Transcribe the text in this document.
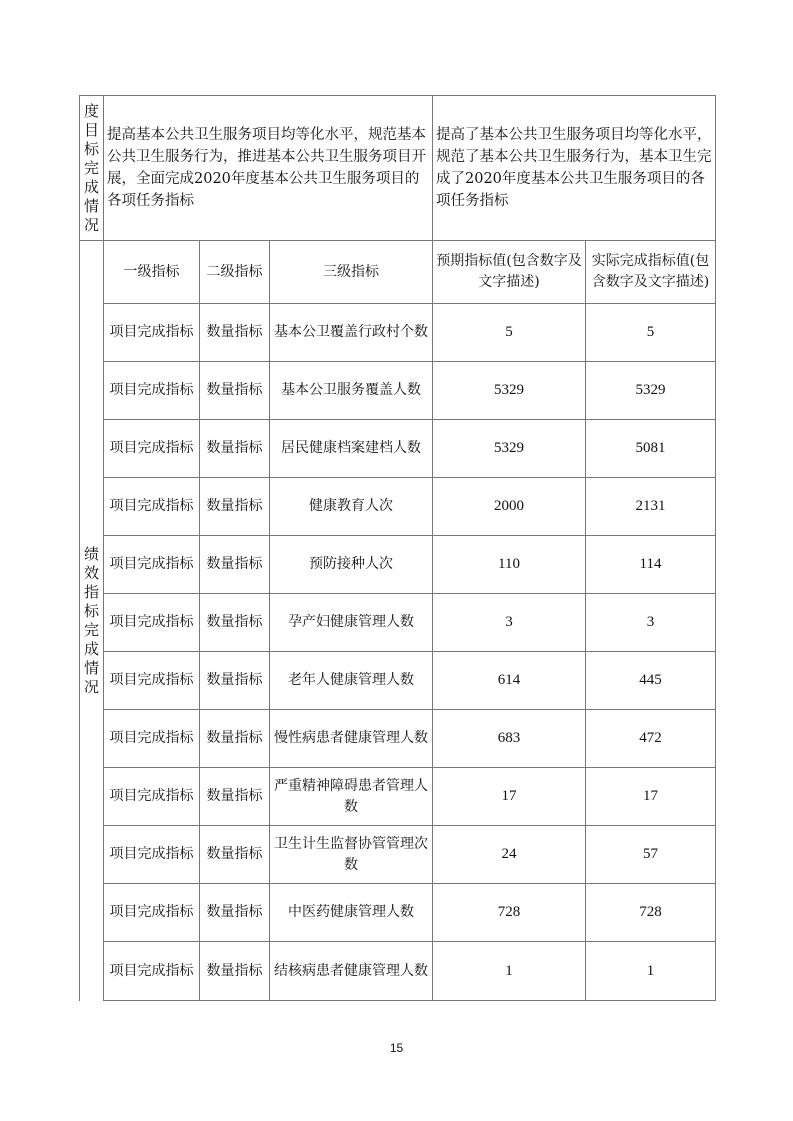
度目标完成情况	提高基本公共卫生服务项目均等化水平，规范基本公共卫生服务行为，推进基本公共卫生服务项目开展，全面完成2020年度基本公共卫生服务项目的各项任务指标			提高了基本公共卫生服务项目均等化水平，规范了基本公共卫生服务行为，基本卫生完成了2020年度基本公共卫生服务项目的各项任务指标	
绩效指标完成情况	一级指标	二级指标	三级指标	预期指标值(包含数字及文字描述)	实际完成指标值(包含数字及文字描述)
	项目完成指标	数量指标	基本公卫覆盖行政村个数	5	5
	项目完成指标	数量指标	基本公卫服务覆盖人数	5329	5329
	项目完成指标	数量指标	居民健康档案建档人数	5329	5081
	项目完成指标	数量指标	健康教育人次	2000	2131
	项目完成指标	数量指标	预防接种人次	110	114
	项目完成指标	数量指标	孕产妇健康管理人数	3	3
	项目完成指标	数量指标	老年人健康管理人数	614	445
	项目完成指标	数量指标	慢性病患者健康管理人数	683	472
	项目完成指标	数量指标	严重精神障碍患者管理人数	17	17
	项目完成指标	数量指标	卫生计生监督协管管理次数	24	57
	项目完成指标	数量指标	中医药健康管理人数	728	728
	项目完成指标	数量指标	结核病患者健康管理人数	1	1
15
